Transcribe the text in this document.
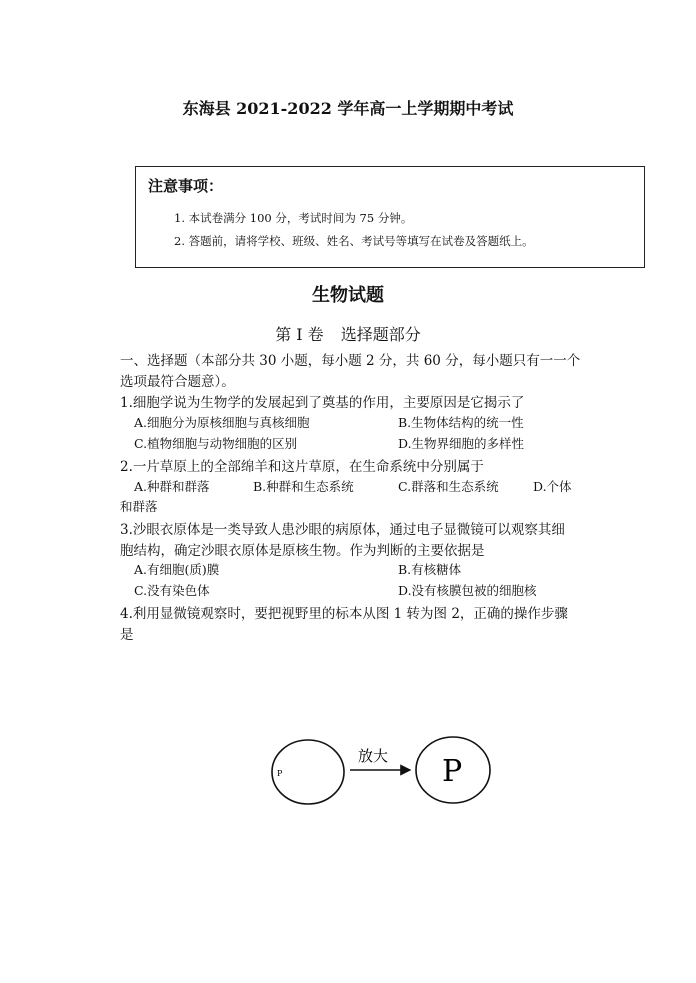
东海县 2021-2022 学年高一上学期期中考试
注意事项：
1. 本试卷满分 100 分，考试时间为 75 分钟。
2. 答题前，请将学校、班级、姓名、考试号等填写在试卷及答题纸上。
生物试题
第 I 卷 选择题部分
一、选择题（本部分共 30 小题，每小题 2 分，共 60 分，每小题只有一一个
选项最符合题意）。
1.细胞学说为生物学的发展起到了奠基的作用，主要原因是它揭示了
A.细胞分为原核细胞与真核细胞	B.生物体结构的统一性
C.植物细胞与动物细胞的区别	D.生物界细胞的多样性
2.一片草原上的全部绵羊和这片草原，在生命系统中分别属于
A.种群和群落	B.种群和生态系统	C.群落和生态系统	D.个体
和群落
3.沙眼衣原体是一类导致人患沙眼的病原体，通过电子显微镜可以观察其细
胞结构，确定沙眼衣原体是原核生物。作为判断的主要依据是
A.有细胞(质)膜	B.有核糖体
C.没有染色体	D.没有核膜包被的细胞核
4.利用显微镜观察时，要把视野里的标本从图 1 转为图 2，正确的操作步骤
是
P
放大 P
